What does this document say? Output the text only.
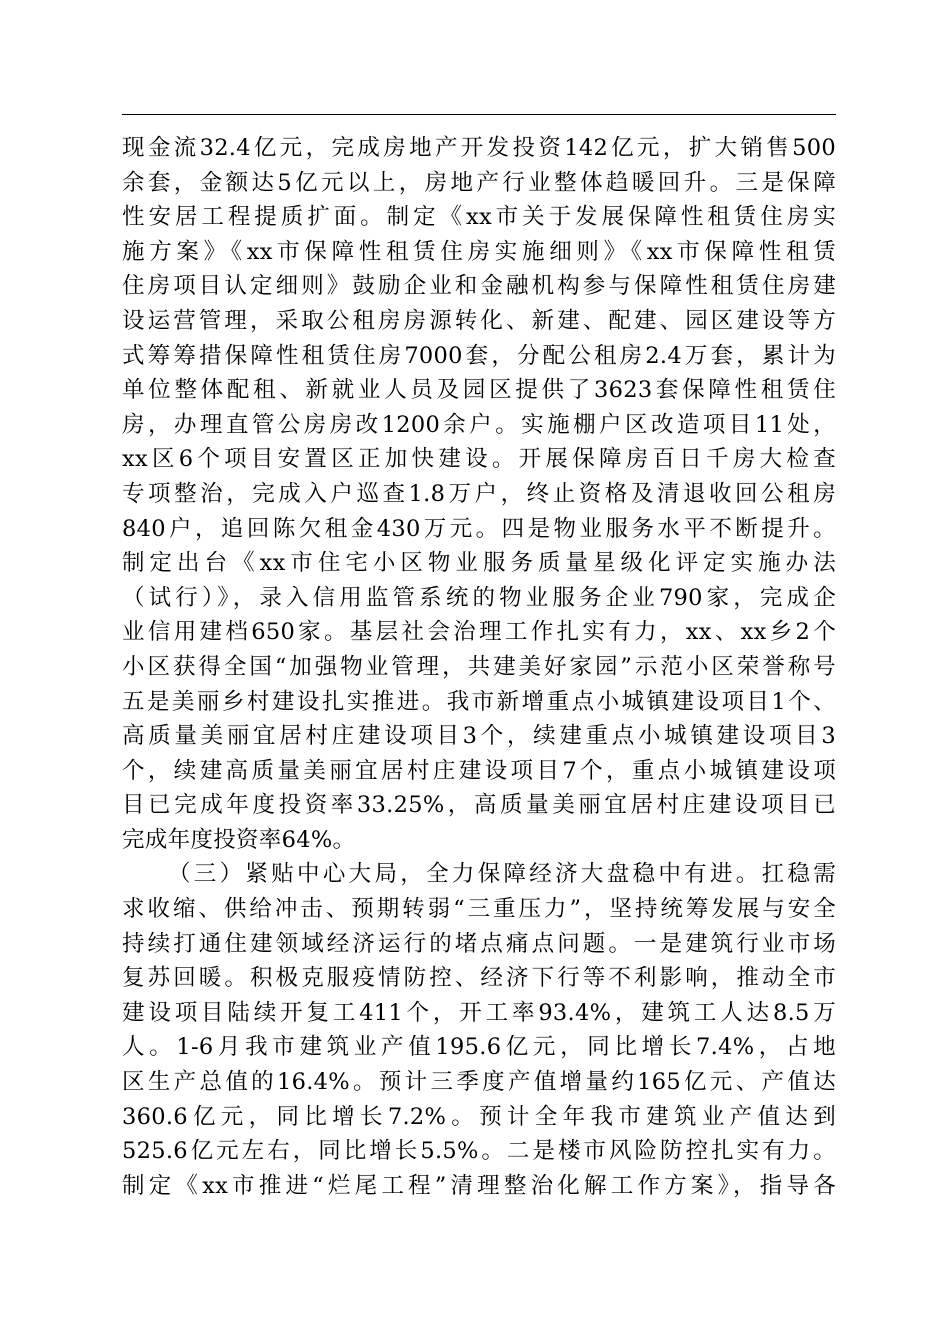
现金流32.4亿元，完成房地产开发投资142亿元，扩大销售500
余套，金额达5亿元以上，房地产行业整体趋暖回升。三是保障
性安居工程提质扩面。制定《xx市关于发展保障性租赁住房实
施方案》《xx市保障性租赁住房实施细则》《xx市保障性租赁
住房项目认定细则》鼓励企业和金融机构参与保障性租赁住房建
设运营管理，采取公租房房源转化、新建、配建、园区建设等方
式筹筹措保障性租赁住房7000套，分配公租房2.4万套，累计为
单位整体配租、新就业人员及园区提供了3623套保障性租赁住
房，办理直管公房房改1200余户。实施棚户区改造项目11处，
xx区6个项目安置区正加快建设。开展保障房百日千房大检查
专项整治，完成入户巡查1.8万户，终止资格及清退收回公租房
840户，追回陈欠租金430万元。四是物业服务水平不断提升。
制定出台《xx市住宅小区物业服务质量星级化评定实施办法
（试行）》，录入信用监管系统的物业服务企业790家，完成企
业信用建档650家。基层社会治理工作扎实有力，xx、xx乡2个
小区获得全国“加强物业管理，共建美好家园”示范小区荣誉称号
五是美丽乡村建设扎实推进。我市新增重点小城镇建设项目1个、
高质量美丽宜居村庄建设项目3个，续建重点小城镇建设项目3
个，续建高质量美丽宜居村庄建设项目7个，重点小城镇建设项
目已完成年度投资率33.25%，高质量美丽宜居村庄建设项目已
完成年度投资率64%。
（三）紧贴中心大局，全力保障经济大盘稳中有进。扛稳需
求收缩、供给冲击、预期转弱“三重压力”，坚持统筹发展与安全
持续打通住建领域经济运行的堵点痛点问题。一是建筑行业市场
复苏回暖。积极克服疫情防控、经济下行等不利影响，推动全市
建设项目陆续开复工411个，开工率93.4%，建筑工人达8.5万
人。1-6月我市建筑业产值195.6亿元，同比增长7.4%，占地
区生产总值的16.4%。预计三季度产值增量约165亿元、产值达
360.6亿元，同比增长7.2%。预计全年我市建筑业产值达到
525.6亿元左右，同比增长5.5%。二是楼市风险防控扎实有力。
制定《xx市推进“烂尾工程”清理整治化解工作方案》，指导各
